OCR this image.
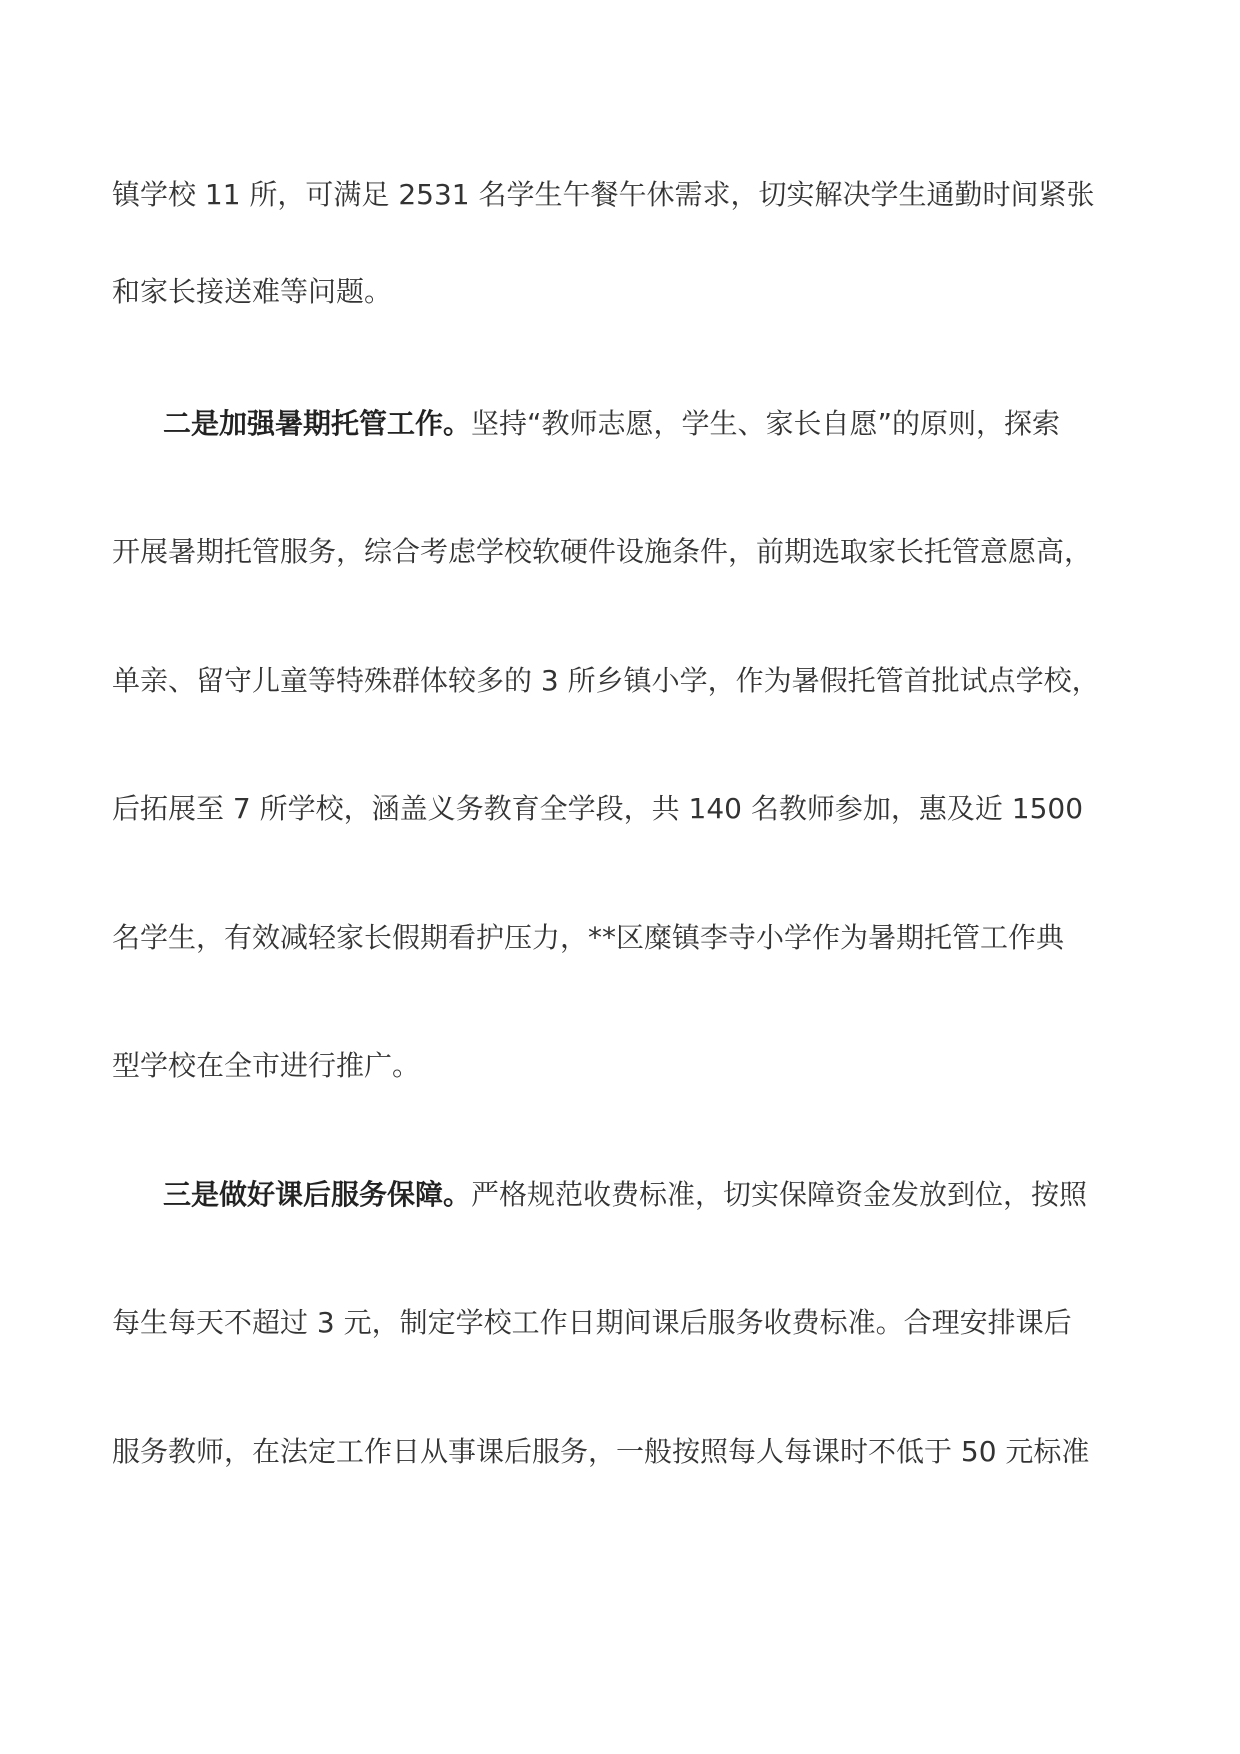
镇学校 11 所，可满足 2531 名学生午餐午休需求，切实解决学生通勤时间紧张
和家长接送难等问题。
二是加强暑期托管工作。坚持“教师志愿，学生、家长自愿”的原则，探索
开展暑期托管服务，综合考虑学校软硬件设施条件，前期选取家长托管意愿高，
单亲、留守儿童等特殊群体较多的 3 所乡镇小学，作为暑假托管首批试点学校，
后拓展至 7 所学校，涵盖义务教育全学段，共 140 名教师参加，惠及近 1500
名学生，有效减轻家长假期看护压力，**区糜镇李寺小学作为暑期托管工作典
型学校在全市进行推广。
三是做好课后服务保障。严格规范收费标准，切实保障资金发放到位，按照
每生每天不超过 3 元，制定学校工作日期间课后服务收费标准。合理安排课后
服务教师，在法定工作日从事课后服务，一般按照每人每课时不低于 50 元标准
